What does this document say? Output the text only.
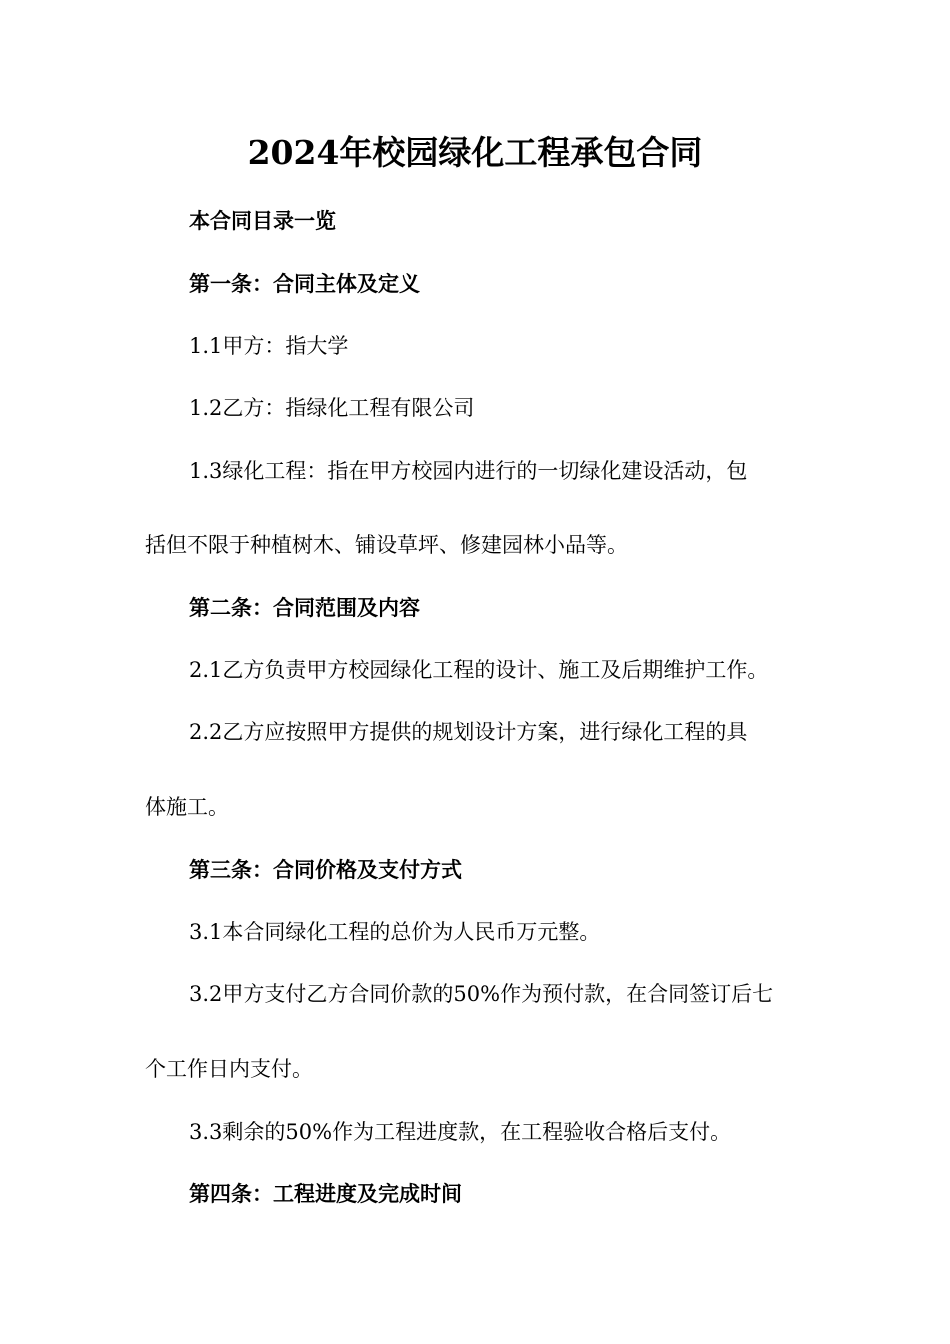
2024年校园绿化工程承包合同

本合同目录一览

第一条：合同主体及定义

1.1甲方：指大学

1.2乙方：指绿化工程有限公司

1.3绿化工程：指在甲方校园内进行的一切绿化建设活动，包

括但不限于种植树木、铺设草坪、修建园林小品等。

第二条：合同范围及内容

2.1乙方负责甲方校园绿化工程的设计、施工及后期维护工作。

2.2乙方应按照甲方提供的规划设计方案，进行绿化工程的具

体施工。

第三条：合同价格及支付方式

3.1本合同绿化工程的总价为人民币万元整。

3.2甲方支付乙方合同价款的50%作为预付款，在合同签订后七

个工作日内支付。

3.3剩余的50%作为工程进度款，在工程验收合格后支付。

第四条：工程进度及完成时间
